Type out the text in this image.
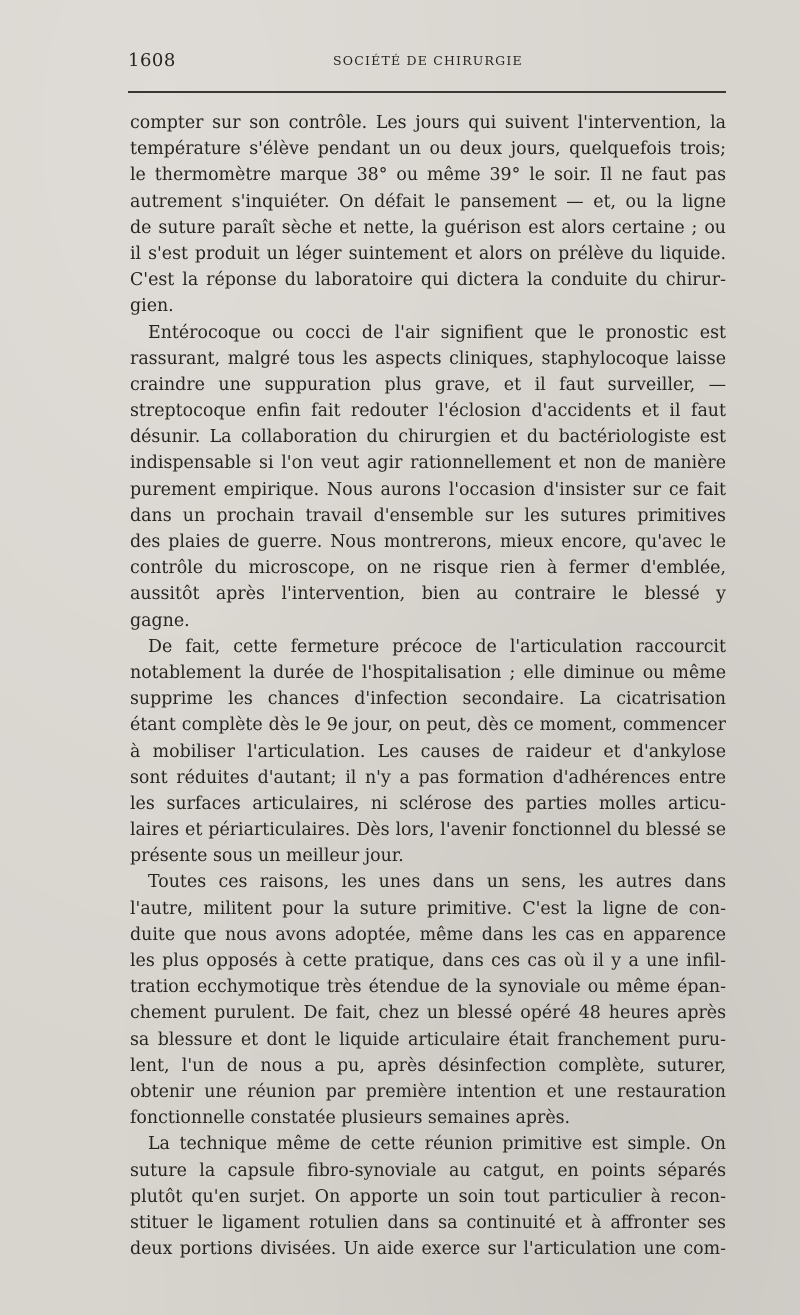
1608	SOCIÉTÉ DE CHIRURGIE
compter sur son contrôle. Les jours qui suivent l'intervention, la
température s'élève pendant un ou deux jours, quelquefois trois;
le thermomètre marque 38° ou même 39° le soir. Il ne faut pas
autrement s'inquiéter. On défait le pansement — et, ou la ligne
de suture paraît sèche et nette, la guérison est alors certaine ; ou
il s'est produit un léger suintement et alors on prélève du liquide.
C'est la réponse du laboratoire qui dictera la conduite du chirur-
gien.
Entérocoque ou cocci de l'air signifient que le pronostic est
rassurant, malgré tous les aspects cliniques, staphylocoque laisse
craindre une suppuration plus grave, et il faut surveiller, —
streptocoque enfin fait redouter l'éclosion d'accidents et il faut
désunir. La collaboration du chirurgien et du bactériologiste est
indispensable si l'on veut agir rationnellement et non de manière
purement empirique. Nous aurons l'occasion d'insister sur ce fait
dans un prochain travail d'ensemble sur les sutures primitives
des plaies de guerre. Nous montrerons, mieux encore, qu'avec le
contrôle du microscope, on ne risque rien à fermer d'emblée,
aussitôt après l'intervention, bien au contraire le blessé y
gagne.
De fait, cette fermeture précoce de l'articulation raccourcit
notablement la durée de l'hospitalisation ; elle diminue ou même
supprime les chances d'infection secondaire. La cicatrisation
étant complète dès le 9e jour, on peut, dès ce moment, commencer
à mobiliser l'articulation. Les causes de raideur et d'ankylose
sont réduites d'autant; il n'y a pas formation d'adhérences entre
les surfaces articulaires, ni sclérose des parties molles articu-
laires et périarticulaires. Dès lors, l'avenir fonctionnel du blessé se
présente sous un meilleur jour.
Toutes ces raisons, les unes dans un sens, les autres dans
l'autre, militent pour la suture primitive. C'est la ligne de con-
duite que nous avons adoptée, même dans les cas en apparence
les plus opposés à cette pratique, dans ces cas où il y a une infil-
tration ecchymotique très étendue de la synoviale ou même épan-
chement purulent. De fait, chez un blessé opéré 48 heures après
sa blessure et dont le liquide articulaire était franchement puru-
lent, l'un de nous a pu, après désinfection complète, suturer,
obtenir une réunion par première intention et une restauration
fonctionnelle constatée plusieurs semaines après.
La technique même de cette réunion primitive est simple. On
suture la capsule fibro-synoviale au catgut, en points séparés
plutôt qu'en surjet. On apporte un soin tout particulier à recon-
stituer le ligament rotulien dans sa continuité et à affronter ses
deux portions divisées. Un aide exerce sur l'articulation une com-
